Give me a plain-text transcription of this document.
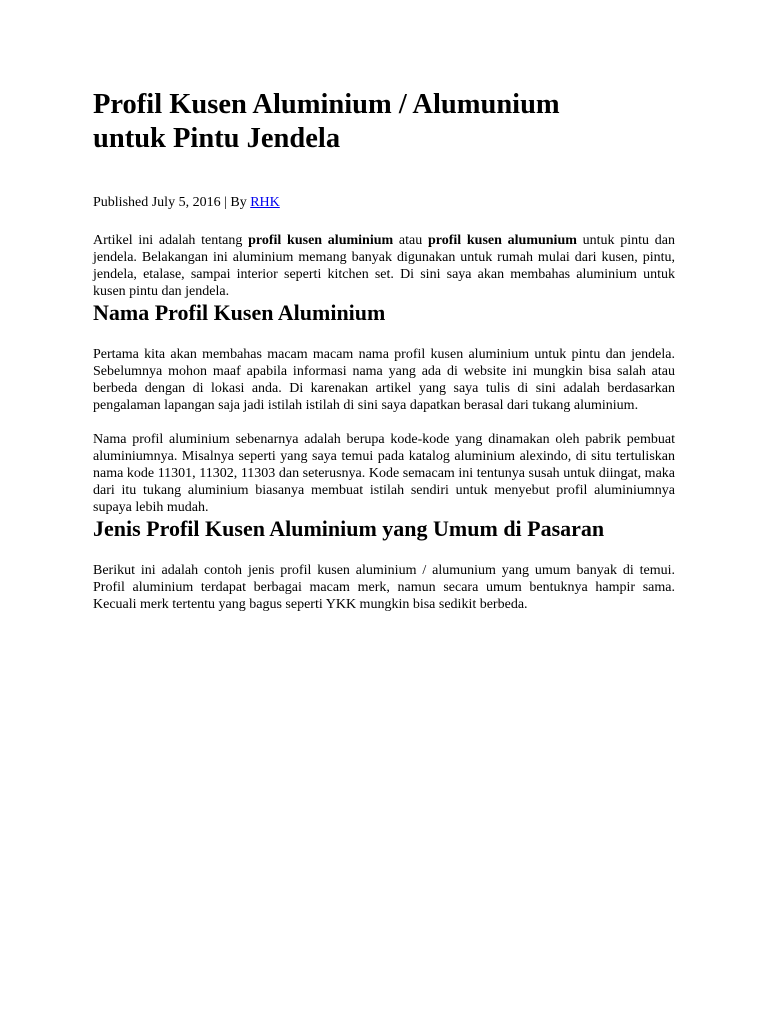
Profil Kusen Aluminium / Alumunium
untuk Pintu Jendela
Published July 5, 2016 | By RHK

Artikel ini adalah tentang profil kusen aluminium atau profil kusen alumunium untuk pintu dan jendela. Belakangan ini aluminium memang banyak digunakan untuk rumah mulai dari kusen, pintu, jendela, etalase, sampai interior seperti kitchen set. Di sini saya akan membahas aluminium untuk kusen pintu dan jendela.

Nama Profil Kusen Aluminium

Pertama kita akan membahas macam macam nama profil kusen aluminium untuk pintu dan jendela. Sebelumnya mohon maaf apabila informasi nama yang ada di website ini mungkin bisa salah atau berbeda dengan di lokasi anda. Di karenakan artikel yang saya tulis di sini adalah berdasarkan pengalaman lapangan saja jadi istilah istilah di sini saya dapatkan berasal dari tukang aluminium.

Nama profil aluminium sebenarnya adalah berupa kode-kode yang dinamakan oleh pabrik pembuat aluminiumnya. Misalnya seperti yang saya temui pada katalog aluminium alexindo, di situ tertuliskan nama kode 11301, 11302, 11303 dan seterusnya. Kode semacam ini tentunya susah untuk diingat, maka dari itu tukang aluminium biasanya membuat istilah sendiri untuk menyebut profil aluminiumnya supaya lebih mudah.

Jenis Profil Kusen Aluminium yang Umum di Pasaran

Berikut ini adalah contoh jenis profil kusen aluminium / alumunium yang umum banyak di temui. Profil aluminium terdapat berbagai macam merk, namun secara umum bentuknya hampir sama. Kecuali merk tertentu yang bagus seperti YKK mungkin bisa sedikit berbeda.
